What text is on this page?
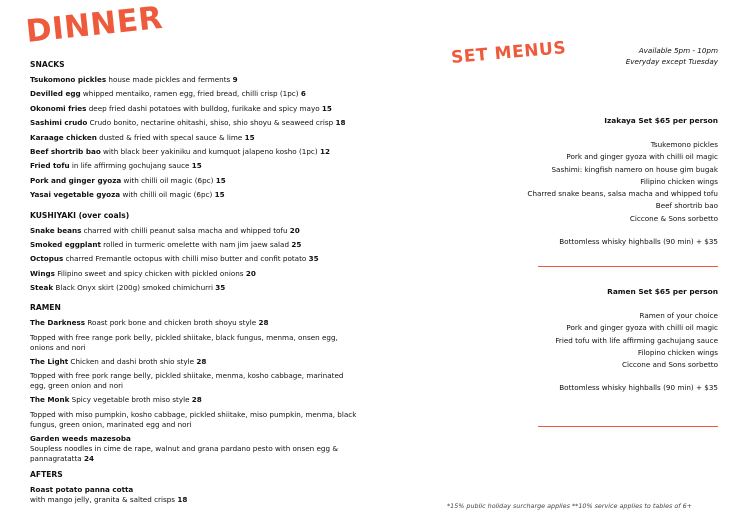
DINNER
SET MENUS	Available 5pm - 10pm
Everyday except Tuesday
SNACKS
Tsukomono pickles house made pickles and ferments 9
Devilled egg whipped mentaiko, ramen egg, fried bread, chilli crisp (1pc) 6
Okonomi fries deep fried dashi potatoes with bulldog, furikake and spicy mayo 15
Sashimi crudo Crudo bonito, nectarine ohitashi, shiso, shio shoyu & seaweed crisp 18
Karaage chicken dusted & fried with specal sauce & lime 15
Beef shortrib bao with black beer yakiniku and kumquot jalapeno kosho (1pc) 12
Fried tofu in life affirming gochujang sauce 15
Pork and ginger gyoza with chilli oil magic (6pc) 15
Yasai vegetable gyoza with chilli oil magic (6pc) 15
KUSHIYAKI (over coals)
Snake beans charred with chilli peanut salsa macha and whipped tofu 20
Smoked eggplant rolled in turmeric omelette with nam jim jaew salad 25
Octopus charred Fremantle octopus with chilli miso butter and confit potato 35
Wings Filipino sweet and spicy chicken with pickled onions 20
Steak Black Onyx skirt (200g) smoked chimichurri 35
RAMEN
The Darkness Roast pork bone and chicken broth shoyu style 28
Topped with free range pork belly, pickled shiitake, black fungus, menma, onsen egg, onions and nori
The Light Chicken and dashi broth shio style 28
Topped with free pork range belly, pickled shiitake, menma, kosho cabbage, marinated egg, green onion and nori
The Monk Spicy vegetable broth miso style 28
Topped with miso pumpkin, kosho cabbage, pickled shiitake, miso pumpkin, menma, black fungus, green onion, marinated egg and nori
Garden weeds mazesoba
Soupless noodles in cime de rape, walnut and grana pardano pesto with onsen egg & pannagratatta 24
AFTERS
Roast potato panna cotta
with mango jelly, granita & salted crisps 18
Izakaya Set $65 per person
Tsukemono pickles
Pork and ginger gyoza with chilli oil magic
Sashimi: kingfish namero on house gim bugak
Filipino chicken wings
Charred snake beans, salsa macha and whipped tofu
Beef shortrib bao
Ciccone & Sons sorbetto
Bottomless whisky highballs (90 min) + $35
Ramen Set $65 per person
Ramen of your choice
Pork and ginger gyoza with chilli oil magic
Fried tofu with life affirming gachujang sauce
Filopino chicken wings
Ciccone and Sons sorbetto
Bottomless whisky highballs (90 min) + $35
*15% public holiday surcharge applies **10% service applies to tables of 6+
